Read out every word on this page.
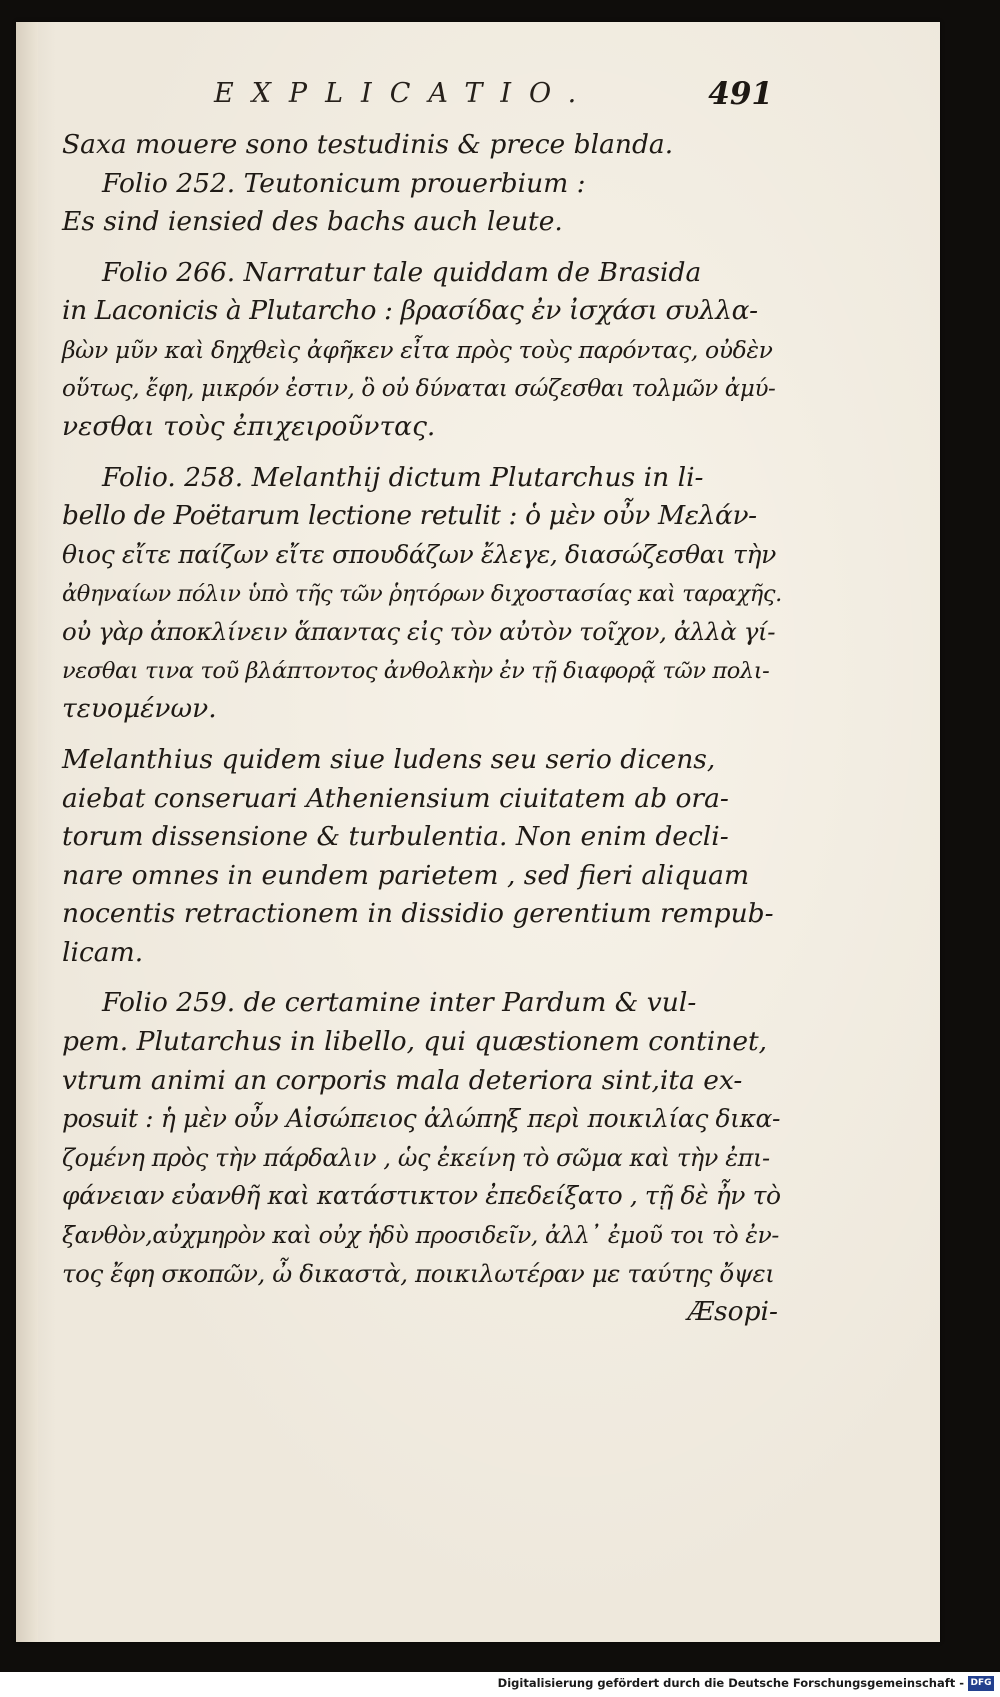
EXPLICATIO.	491
Saxa mouere sono testudinis & prece blanda.
Folio 252. Teutonicum prouerbium :
Es sind iensied des bachs auch leute.
Folio 266. Narratur tale quiddam de Brasida
in Laconicis à Plutarcho : βρασίδας ἐν ἰσχάσι συλλα-
βὼν μῦν καὶ δηχθεὶς ἀφῆκεν εἶτα πρὸς τοὺς παρόντας, οὐδὲν
οὕτως, ἔφη, μικρόν ἐστιν, ὃ οὐ δύναται σώζεσθαι τολμῶν ἀμύ-
νεσθαι τοὺς ἐπιχειροῦντας.
Folio. 258. Melanthij dictum Plutarchus in li-
bello de Poëtarum lectione retulit : ὁ μὲν οὖν Μελάν-
θιος εἴτε παίζων εἴτε σπουδάζων ἔλεγε, διασώζεσθαι τὴν
ἀθηναίων πόλιν ὑπὸ τῆς τῶν ῥητόρων διχοστασίας καὶ ταραχῆς.
οὐ γὰρ ἀποκλίνειν ἅπαντας εἰς τὸν αὐτὸν τοῖχον, ἀλλὰ γί-
νεσθαι τινα τοῦ βλάπτοντος ἀνθολκὴν ἐν τῇ διαφορᾷ τῶν πολι-
τευομένων.
Melanthius quidem siue ludens seu serio dicens,
aiebat conseruari Atheniensium ciuitatem ab ora-
torum dissensione & turbulentia. Non enim decli-
nare omnes in eundem parietem , sed fieri aliquam
nocentis retractionem in dissidio gerentium rempub-
licam.
Folio 259. de certamine inter Pardum & vul-
pem. Plutarchus in libello, qui quæstionem continet,
vtrum animi an corporis mala deteriora sint,ita ex-
posuit : ἡ μὲν οὖν Αἰσώπειος ἀλώπηξ περὶ ποικιλίας δικα-
ζομένη πρὸς τὴν πάρδαλιν , ὡς ἐκείνη τὸ σῶμα καὶ τὴν ἐπι-
φάνειαν εὐανθῆ καὶ κατάστικτον ἐπεδείξατο , τῇ δὲ ἦν τὸ
ξανθὸν,αὐχμηρὸν καὶ οὐχ ἡδὺ προσιδεῖν, ἀλλ᾽ ἐμοῦ τοι τὸ ἐν-
τος ἔφη σκοπῶν, ὦ δικαστὰ, ποικιλωτέραν με ταύτης ὄψει
Æsopi-
Digitalisierung gefördert durch die Deutsche Forschungsgemeinschaft - DFG
